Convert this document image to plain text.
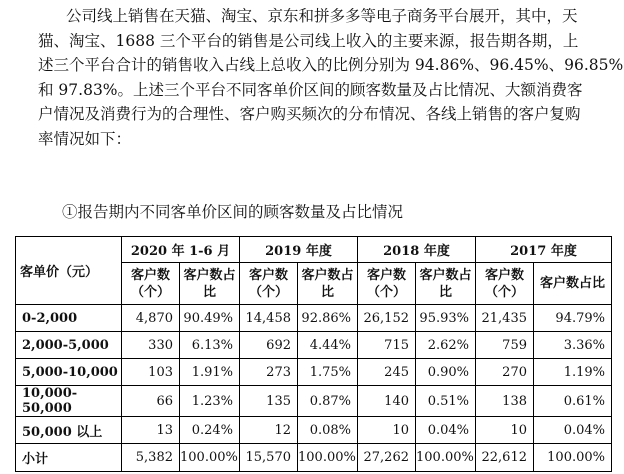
公司线上销售在天猫、淘宝、京东和拼多多等电子商务平台展开，其中，天

猫、淘宝、1688 三个平台的销售是公司线上收入的主要来源，报告期各期，上

述三个平台合计的销售收入占线上总收入的比例分别为 94.86%、96.45%、96.85%

和 97.83%。上述三个平台不同客单价区间的顾客数量及占比情况、大额消费客

户情况及消费行为的合理性、客户购买频次的分布情况、各线上销售的客户复购

率情况如下：

①报告期内不同客单价区间的顾客数量及占比情况
客单价（元）	2020 年 1-6 月		2019 年度		2018 年度		2017 年度	
	客户数（个）	客户数占比	客户数（个）	客户数占比	客户数（个）	客户数占比	客户数（个）	客户数占比
0-2,000	4,870	90.49%	14,458	92.86%	26,152	95.93%	21,435	94.79%
2,000-5,000	330	6.13%	692	4.44%	715	2.62%	759	3.36%
5,000-10,000	103	1.91%	273	1.75%	245	0.90%	270	1.19%
10,000-50,000	66	1.23%	135	0.87%	140	0.51%	138	0.61%
50,000 以上	13	0.24%	12	0.08%	10	0.04%	10	0.04%
小计	5,382	100.00%	15,570	100.00%	27,262	100.00%	22,612	100.00%
